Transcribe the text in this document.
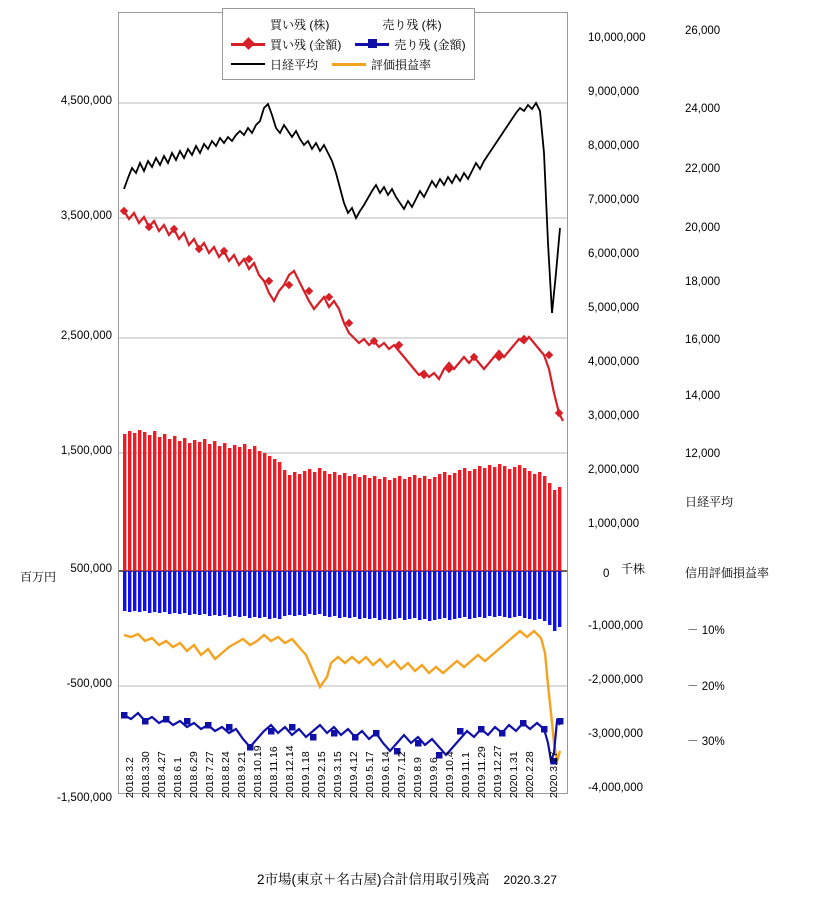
買い残 (株)	売り残 (株)
買い残 (金額)	売り残 (金額)
日経平均	評価損益率
4,500,000
3,500,000
2,500,000
1,500,000
500,000
-500,000
-1,500,000
百万円
10,000,000
9,000,000
8,000,000
7,000,000
6,000,000
5,000,000
4,000,000
3,000,000
2,000,000
1,000,000
0
-1,000,000
-2,000,000
-3,000,000
-4,000,000
千株
26,000
24,000
22,000
20,000
18,000
16,000
14,000
12,000
日経平均
信用評価損益率
－ 10%
－ 20%
－ 30%
2018.3.2 2018.3.30 2018.4.27 2018.6.1 2018.6.29 2018.7.27 2018.8.24 2018.9.21 2018.10.19 2018.11.16 2018.12.14 2019.1.18 2019.2.15 2019.3.15 2019.4.12 2019.5.17 2019.6.14 2019.7.12 2019.8.9 2019.9.6 2019.10.4 2019.11.1 2019.11.29 2019.12.27 2020.1.31 2020.2.28 2020.3.27
2市場(東京＋名古屋)合計信用取引残高 2020.3.27
